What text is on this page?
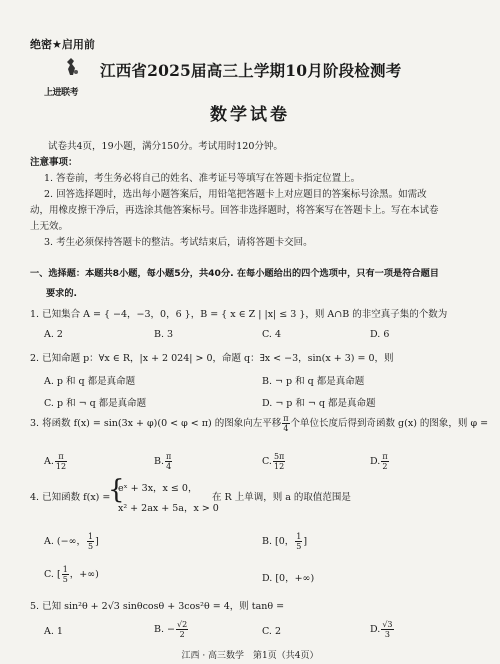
绝密★启用前
江西省2025届高三上学期10月阶段检测考
上进联考
数学试卷
试卷共4页，19小题，满分150分。考试用时120分钟。
注意事项：
1. 答卷前，考生务必将自己的姓名、准考证号等填写在答题卡指定位置上。
2. 回答选择题时，选出每小题答案后，用铅笔把答题卡上对应题目的答案标号涂黑。如需改
动，用橡皮擦干净后，再选涂其他答案标号。回答非选择题时，将答案写在答题卡上。写在本试卷
上无效。
3. 考生必须保持答题卡的整洁。考试结束后，请将答题卡交回。
一、选择题：本题共8小题，每小题5分，共40分. 在每小题给出的四个选项中，只有一项是符合题目
要求的.
1. 已知集合 A = { −4，−3，0，6 }，B = { x ∈ Z | |x| ≤ 3 }，则 A∩B 的非空真子集的个数为
A. 2	B. 3	C. 4	D. 6
2. 已知命题 p：∀x ∈ R，|x + 2 024| > 0，命题 q：∃x < −3，sin(x + 3) = 0，则
A. p 和 q 都是真命题	B. ¬ p 和 q 都是真命题
C. p 和 ¬ q 都是真命题	D. ¬ p 和 ¬ q 都是真命题
3. 将函数 f(x) = sin(3x + φ)(0 < φ < π) 的图象向左平移 $\frac{\pi}{4}$ 个单位长度后得到奇函数 g(x) 的图象，则 φ =
A. $\frac{\pi}{12}$	B. $\frac{\pi}{4}$	C. $\frac{5\pi}{12}$	D. $\frac{\pi}{2}$
4. 已知函数 f(x) =
{
eˣ + 3x，x ≤ 0，
x² + 2ax + 5a，x > 0
在 R 上单调，则 a 的取值范围是
A. (−∞， $\frac{1}{5}$ ]	B. [0， $\frac{1}{5}$ ]
C. [ $\frac{1}{5}$ ，+∞)	D. [0，+∞)
5. 已知 sin²θ + 2√3 sinθcosθ + 3cos²θ = 4，则 tanθ =
A. 1	B. − $\frac{√2}{2}$	C. 2	D. $\frac{√3}{3}$
江西 · 高三数学　第1页（共4页）
